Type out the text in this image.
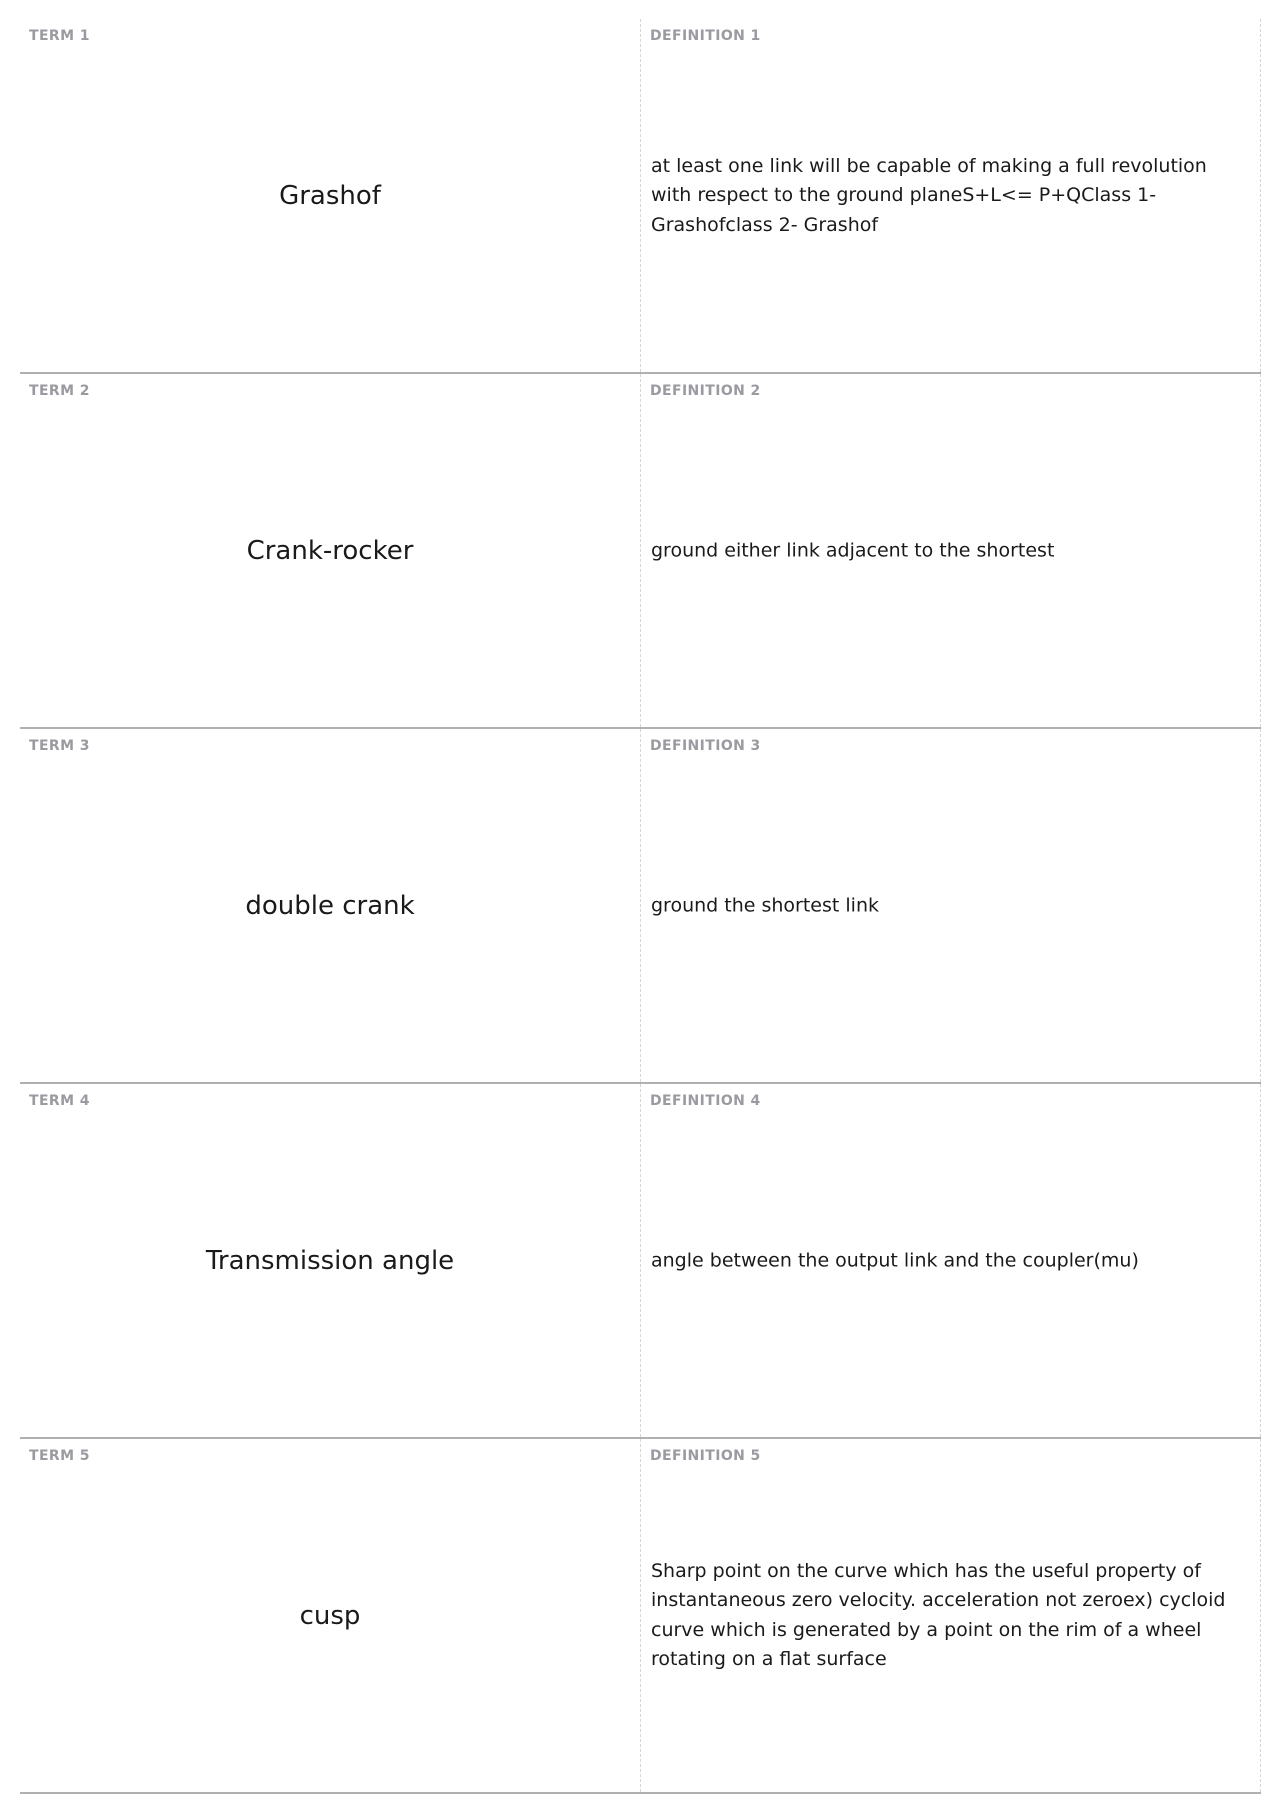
TERM 1
Grashof
DEFINITION 1
at least one link will be capable of making a full revolution with respect to the ground planeS+L<= P+QClass 1- Grashofclass 2- Grashof
TERM 2
Crank-rocker
DEFINITION 2
ground either link adjacent to the shortest
TERM 3
double crank
DEFINITION 3
ground the shortest link
TERM 4
Transmission angle
DEFINITION 4
angle between the output link and the coupler(mu)
TERM 5
cusp
DEFINITION 5
Sharp point on the curve which has the useful property of instantaneous zero velocity. acceleration not zeroex) cycloid curve which is generated by a point on the rim of a wheel rotating on a flat surface
